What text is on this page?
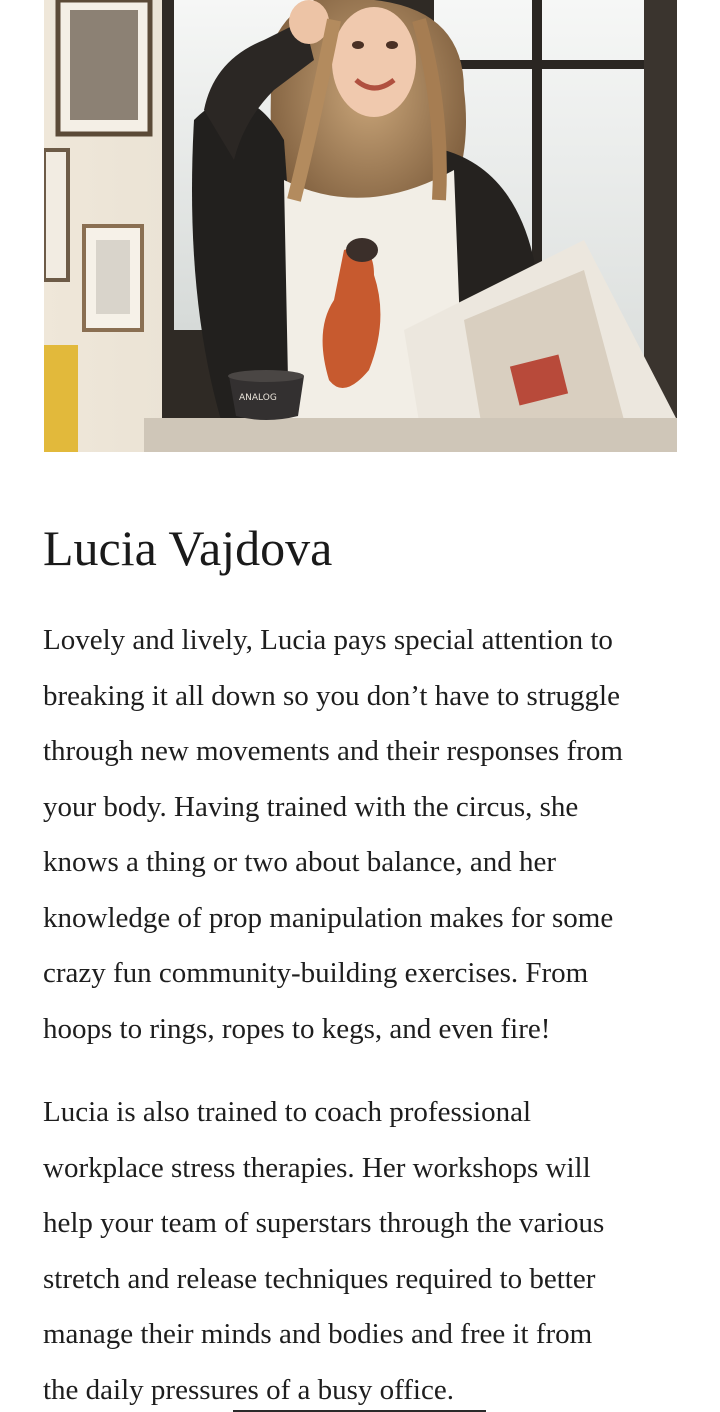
ANALOG
Lucia Vajdova
Lovely and lively, Lucia pays special attention to
breaking it all down so you don’t have to struggle
through new movements and their responses from
your body. Having trained with the circus, she
knows a thing or two about balance, and her
knowledge of prop manipulation makes for some
crazy fun community-building exercises. From
hoops to rings, ropes to kegs, and even fire!
Lucia is also trained to coach professional
workplace stress therapies. Her workshops will
help your team of superstars through the various
stretch and release techniques required to better
manage their minds and bodies and free it from
the daily pressures of a busy office.
